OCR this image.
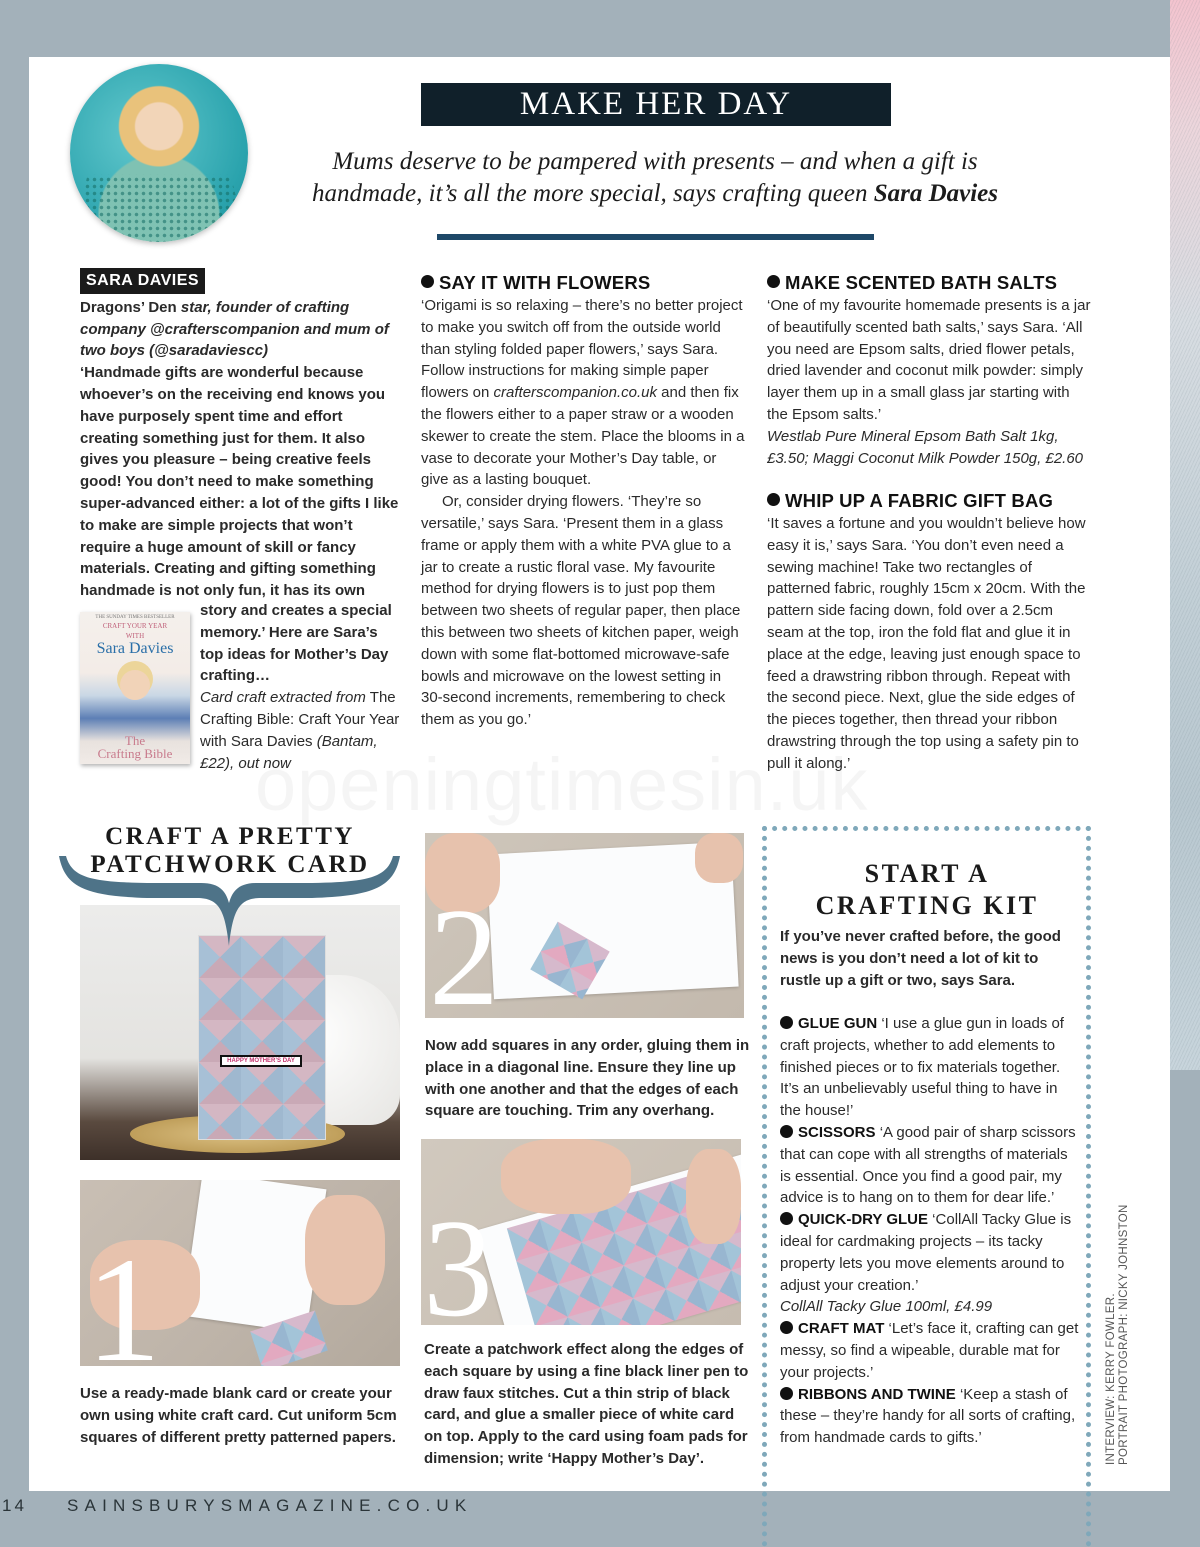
MAKE HER DAY
Mums deserve to be pampered with presents – and when a gift is
handmade, it’s all the more special, says crafting queen Sara Davies
SARA DAVIES

Dragons’ Den star, founder of crafting company @crafterscompanion and mum of two boys (@saradaviescc)

‘Handmade gifts are wonderful because whoever’s on the receiving end knows you have purposely spent time and effort creating something just for them. It also gives you pleasure – being creative feels good! You don’t need to make something super-advanced either: a lot of the gifts I like to make are simple projects that won’t require a huge amount of skill or fancy materials. Creating and gifting something handmade is not only fun, it has its own

THE SUNDAY TIMES BESTSELLER
CRAFT YOUR YEAR
WITH
Sara Davies
The
Crafting Bible

story and creates a special memory.’ Here are Sara’s top ideas for Mother’s Day crafting…

Card craft extracted from The Crafting Bible: Craft Your Year with Sara Davies (Bantam, £22), out now

SAY IT WITH FLOWERS

‘Origami is so relaxing – there’s no better project to make you switch off from the outside world than styling folded paper flowers,’ says Sara. Follow instructions for making simple paper flowers on crafterscompanion.co.uk and then fix the flowers either to a paper straw or a wooden skewer to create the stem. Place the blooms in a vase to decorate your Mother’s Day table, or give as a lasting bouquet.

Or, consider drying flowers. ‘They’re so versatile,’ says Sara. ‘Present them in a glass frame or apply them with a white PVA glue to a jar to create a rustic floral vase. My favourite method for drying flowers is to just pop them between two sheets of regular paper, then place this between two sheets of kitchen paper, weigh down with some flat-bottomed microwave-safe bowls and microwave on the lowest setting in 30-second increments, remembering to check them as you go.’

MAKE SCENTED BATH SALTS

‘One of my favourite homemade presents is a jar of beautifully scented bath salts,’ says Sara. ‘All you need are Epsom salts, dried flower petals, dried lavender and coconut milk powder: simply layer them up in a small glass jar starting with the Epsom salts.’

Westlab Pure Mineral Epsom Bath Salt 1kg, £3.50; Maggi Coconut Milk Powder 150g, £2.60

WHIP UP A FABRIC GIFT BAG

‘It saves a fortune and you wouldn’t believe how easy it is,’ says Sara. ‘You don’t even need a sewing machine! Take two rectangles of patterned fabric, roughly 15cm x 20cm. With the pattern side facing down, fold over a 2.5cm seam at the top, iron the fold flat and glue it in place at the edge, leaving just enough space to feed a drawstring ribbon through. Repeat with the second piece. Next, glue the side edges of the pieces together, then thread your ribbon drawstring through the top using a safety pin to pull it along.’

CRAFT A PRETTY
PATCHWORK CARD
HAPPY MOTHER’S DAY
1
Use a ready-made blank card or create your own using white craft card. Cut uniform 5cm squares of different pretty patterned papers.
2
Now add squares in any order, gluing them in place in a diagonal line. Ensure they line up with one another and that the edges of each square are touching. Trim any overhang.
3
Create a patchwork effect along the edges of each square by using a fine black liner pen to draw faux stitches. Cut a thin strip of black card, and glue a smaller piece of white card on top. Apply to the card using foam pads for dimension; write ‘Happy Mother’s Day’.
START A
CRAFTING KIT
If you’ve never crafted before, the good news is you don’t need a lot of kit to rustle up a gift or two, says Sara.

GLUE GUN ‘I use a glue gun in loads of craft projects, whether to add elements to finished pieces or to fix materials together. It’s an unbelievably useful thing to have in the house!’

SCISSORS ‘A good pair of sharp scissors that can cope with all strengths of materials is essential. Once you find a good pair, my advice is to hang on to them for dear life.’

QUICK-DRY GLUE ‘CollAll Tacky Glue is ideal for cardmaking projects – its tacky property lets you move elements around to adjust your creation.’
CollAll Tacky Glue 100ml, £4.99

CRAFT MAT ‘Let’s face it, crafting can get messy, so find a wipeable, durable mat for your projects.’

RIBBONS AND TWINE ‘Keep a stash of these – they’re handy for all sorts of crafting, from handmade cards to gifts.’	INTERVIEW: KERRY FOWLER. PORTRAIT PHOTOGRAPH: NICKY JOHNSTON
14 SAINSBURYSMAGAZINE.CO.UK
